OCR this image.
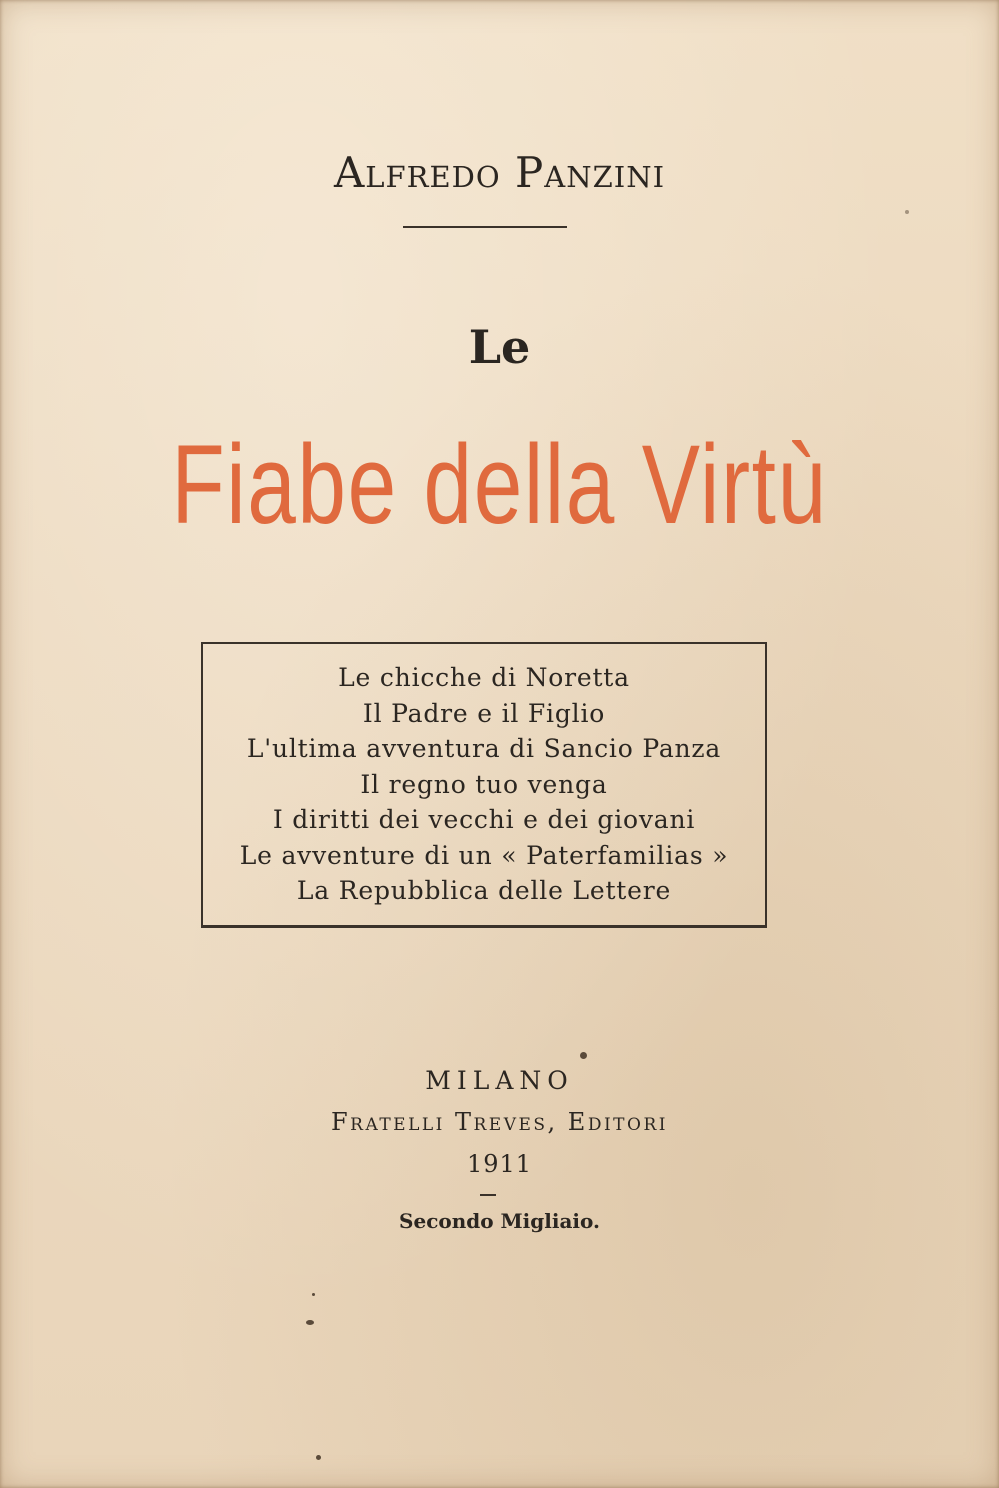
Alfredo Panzini
Le
Fiabe della Virtù
Le chicche di Noretta
Il Padre e il Figlio
L'ultima avventura di Sancio Panza
Il regno tuo venga
I diritti dei vecchi e dei giovani
Le avventure di un « Paterfamilias »
La Repubblica delle Lettere
MILANO
Fratelli Treves, Editori
1911
Secondo Migliaio.
